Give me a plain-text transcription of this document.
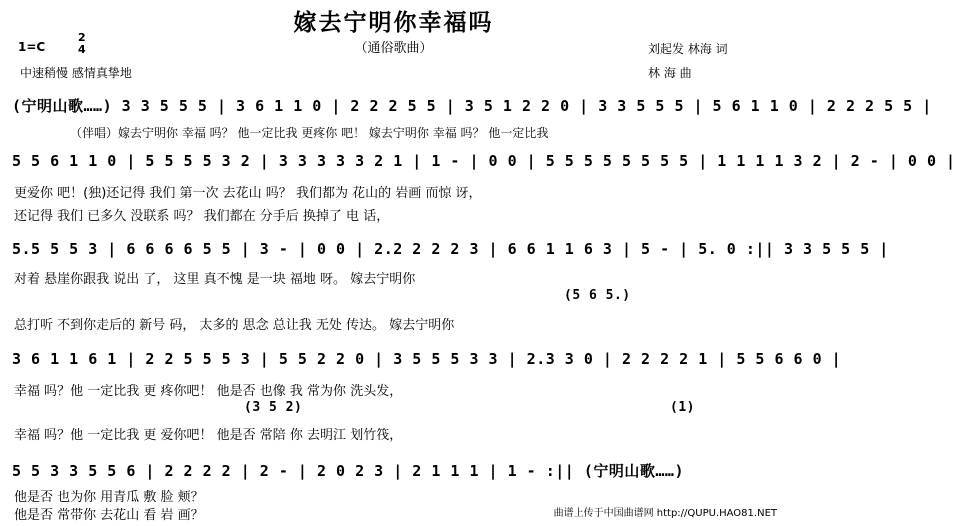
嫁去宁明你幸福吗
（通俗歌曲）
1=C
2
4
中速稍慢 感情真挚地
刘起发 林海 词
林 海 曲
(宁明山歌……) 3 3 5 5 5 | 3 6 1 1 0 | 2 2 2 5 5 | 3 5 1 2 2 0 | 3 3 5 5 5 | 5 6 1 1 0 | 2 2 2 5 5 |
（伴唱）嫁去宁明你 幸福 吗？ 他一定比我 更疼你 吧！ 嫁去宁明你 幸福 吗？ 他一定比我
5 5 6 1 1 0 | 5 5 5 5 3 2 | 3 3 3 3 3 2 1 | 1 - | 0 0 | 5 5 5 5 5 5 5 5 | 1 1 1 1 3 2 | 2 - | 0 0 |
更爱你 吧！(独)还记得 我们 第一次 去花山 吗？ 我们都为 花山的 岩画 而惊 讶，
还记得 我们 已多久 没联系 吗？ 我们都在 分手后 换掉了 电 话，
5.5 5 5 3 | 6 6 6 6 5 5 | 3 - | 0 0 | 2.2 2 2 2 3 | 6 6 1 1 6 3 | 5 - | 5. 0 :|| 3 3 5 5 5 |
对着 悬崖你跟我 说出 了， 这里 真不愧 是一块 福地 呀。 嫁去宁明你
(5 6 5.)
总打听 不到你走后的 新号 码， 太多的 思念 总让我 无处 传达。 嫁去宁明你
3 6 1 1 6 1 | 2 2 5 5 5 3 | 5 5 2 2 0 | 3 5 5 5 3 3 | 2.3 3 0 | 2 2 2 2 1 | 5 5 6 6 0 |
幸福 吗？他 一定比我 更 疼你吧！ 他是否 也像 我 常为你 洗头发，
(3 5 2)	(1)
幸福 吗？他 一定比我 更 爱你吧！ 他是否 常陪 你 去明江 划竹筏，
5 5 3 3 5 5 6 | 2 2 2 2 | 2 - | 2 0 2 3 | 2 1 1 1 | 1 - :|| (宁明山歌……)
他是否 也为你 用青瓜 敷 脸 颊？
他是否 常带你 去花山 看 岩 画？	曲谱上传于中国曲谱网 http://QUPU.HAO81.NET
